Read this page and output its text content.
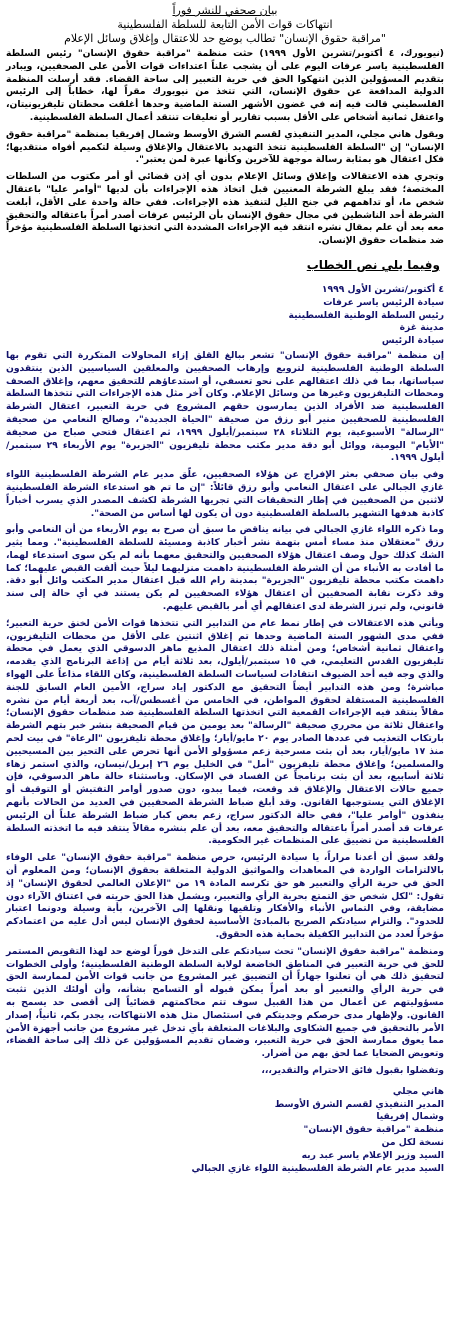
بيان صحفي للنشر فوراً
انتهاكات قوات الأمن التابعة للسلطة الفلسطينية
"مراقبة حقوق الإنسان" تطالب بوضع حد للاعتقال وإغلاق وسائل الإعلام

(نيويورك، ٤ أكتوبر/تشرين الأول ١٩٩٩) حثت منظمة "مراقبة حقوق الإنسان" رئيس السلطة الفلسطينية ياسر عرفات اليوم على أن يشجب علناً اعتداءات قوات الأمن على الصحفيين، ويبادر بتقديم المسؤولين الذين انتهكوا الحق في حرية التعبير إلى ساحة القضاء. فقد أرسلت المنظمة الدولية المدافعة عن حقوق الإنسان، التي تتخذ من نيويورك مقراً لها، خطاباً إلى الرئيس الفلسطيني قالت فيه إنه في غضون الأشهر الستة الماضية وحدها أغلقت محطتان تليفزيونيتان، واعتقل ثمانية أشخاص على الأقل بسبب تقارير أو تعليقات تنتقد أعمال السلطة الفلسطينية.

ويقول هاني مجلي، المدير التنفيذي لقسم الشرق الأوسط وشمال إفريقيا بمنظمة "مراقبة حقوق الإنسان" إن "السلطة الفلسطينية تتخذ التهديد بالاعتقال والإغلاق وسيلة لتكميم أفواه منتقديها؛ فكل اعتقال هو بمثابة رسالة موجهة للآخرين وكأنها عبرة لمن يعتبر".

وتجري هذه الاعتقالات وإغلاق وسائل الإعلام بدون أي إذن قضائي أو أمر مكتوب من السلطات المختصة؛ فقد يبلغ الشرطة المعنيين قبل اتخاذ هذه الإجراءات بأن لديها "أوامر عليا" باعتقال شخص ما، أو تداهمهم في جنح الليل لتنفيذ هذه الإجراءات. ففي حالة واحدة على الأقل، أبلغت الشرطة أحد الناشطين في مجال حقوق الإنسان بأن الرئيس عرفات أصدر أمراً باعتقاله والتحقيق معه بعد أن علم بمقال نشره انتقد فيه الإجراءات المشددة التي اتخذتها السلطة الفلسطينية مؤخراً ضد منظمات حقوق الإنسان.

وفيما يلي نص الخطاب
٤ أكتوبر/تشرين الأول ١٩٩٩
سيادة الرئيس ياسر عرفات
رئيس السلطة الوطنية الفلسطينية
مدينة غزة
سيادة الرئيس

إن منظمة "مراقبة حقوق الإنسان" تشعر ببالغ القلق إزاء المحاولات المتكررة التي تقوم بها السلطة الوطنية الفلسطينية لترويع وإرهاب الصحفيين والمعلقين السياسيين الذين ينتقدون سياساتها، بما في ذلك اعتقالهم على نحو تعسفي، أو استدعاؤهم للتحقيق معهم، وإغلاق الصحف ومحطات التليفزيون وغيرها من وسائل الإعلام. وكان آخر مثل هذه الإجراءات التي تتخذها السلطة الفلسطينية ضد الأفراد الذين يمارسون حقهم المشروع في حرية التعبير، اعتقال الشرطة الفلسطينية للصحفيين منير أبو رزق من صحيفة "الحياة الجديدة"، وصالح النعامي من صحيفة "الرسالة" الأسبوعية، يوم الثلاثاء ٢٨ سبتمبر/أيلول ١٩٩٩، ثم اعتقال فتحي صباح من صحيفة "الأيام" اليومية، ووائل أبو دقة مدير مكتب محطة تليفزيون "الجزيرة" يوم الأربعاء ٢٩ سبتمبر/أيلول ١٩٩٩.

وفي بيان صحفي بعثر الإفراج عن هؤلاء الصحفيين، علّق مدير عام الشرطة الفلسطينية اللواء غازي الجبالي على اعتقال النعامي وأبو رزق قائلاً: "إن ما تم هو استدعاء الشرطة الفلسطينية لاثنين من الصحفيين في إطار التحقيقات التي تجريها الشرطة لكشف المصدر الذي يسرب أخباراً كاذبة هدفها التشهير بالسلطة الفلسطينية دون أن يكون لها أساس من الصحة".

وما ذكره اللواء غازي الجبالي في بيانه يناقض ما سبق أن صرح به يوم الأربعاء من أن النعامي وأبو رزق "معتقلان منذ مساء أمس بتهمة نشر أخبار كاذبة ومسيئة للسلطة الفلسطينية". ومما يثير الشك كذلك حول وصف اعتقال هؤلاء الصحفيين والتحقيق معهما بأنه لم يكن سوى استدعاء لهما، ما أفادت به الأنباء من أن الشرطة الفلسطينية داهمت منزليهما ليلاً حيث ألقت القبض عليهما؛ كما داهمت مكتب محطة تليفزيون "الجزيرة" بمدينة رام الله قبل اعتقال مدير المكتب وائل أبو دقة. وقد ذكرت نقابة الصحفيين أن اعتقال هؤلاء الصحفيين لم يكن يستند في أي حالة إلى سند قانوني، ولم تبرز الشرطة لدى اعتقالهم أي أمر بالقبض عليهم.

ويأتي هذه الاعتقالات في إطار نمط عام من التدابير التي تتخذها قوات الأمن لخنق حرية التعبير؛ ففي مدى الشهور الستة الماضية وحدها تم إغلاق اثنتين على الأقل من محطات التليفزيون، واعتقال ثمانية أشخاص؛ ومن أمثلة ذلك اعتقال المذيع ماهر الدسوقي الذي يعمل في محطة تليفزيون القدس التعليمي، في ١٥ سبتمبر/أيلول، بعد ثلاثة أيام من إذاعة البرنامج الذي يقدمه، والذي وجه فيه أحد الضيوف انتقادات لسياسات السلطة الفلسطينية، وكان اللقاء مذاعاً على الهواء مباشرة؛ ومن هذه التدابير أيضاً التحقيق مع الدكتور إياد سراج، الأمين العام السابق للجنة الفلسطينية المستقلة لحقوق المواطن، في الخامس من أغسطس/آب، بعد أربعة أيام من نشره مقالاً ينتقد فيه الإجراءات القمعية التي اتخذتها السلطة الفلسطينية ضد منظمات حقوق الإنسان؛ واعتقال ثلاثة من محرري صحيفة "الرسالة" بعد يومين من قيام الصحيفة بنشر خبر بتهم الشرطة بارتكاب التعذيب في عددها الصادر يوم ٢٠ مايو/أيار؛ وإغلاق محطة تليفزيون "الرعاة" في بيت لحم منذ ١٧ مايو/أيار، بعد أن بثت مسرحية زعم مسؤولو الأمن أنها تحرض على التحيز بين المسيحيين والمسلمين؛ وإغلاق محطة تليفزيون "أمل" في الخليل يوم ٢٦ إبريل/نيسان، والذي استمر زهاء ثلاثة أسابيع، بعد أن بثت برنامجاً عن الفساد في الإسكان. وباستثناء حالة ماهر الدسوقي، فإن جميع حالات الاعتقال والإغلاق قد وقعت، فيما يبدو، دون صدور أوامر التفتيش أو التوقيف أو الإغلاق التي يستوجبها القانون. وقد أبلغ ضباط الشرطة الصحفيين في العديد من الحالات بأنهم ينفذون "أوامر عليا"، ففي حالة الدكتور سراج، زعم بعض كبار ضباط الشرطة علناً أن الرئيس عرفات قد أصدر أمراً باعتقاله والتحقيق معه، بعد أن علم بنشره مقالاً ينتقد فيه ما اتخذته السلطة الفلسطينية من تضييق على المنظمات غير الحكومية.

ولقد سبق أن أعدنا مراراً، يا سيادة الرئيس، حرص منظمة "مراقبة حقوق الإنسان" على الوفاء بالالتزامات الواردة في المعاهدات والمواثيق الدولية المتعلقة بحقوق الإنسان؛ ومن المعلوم أن الحق في حرية الرأي والتعبير هو حق تكرسه المادة ١٩ من "الإعلان العالمي لحقوق الإنسان" إذ تقول: "لكل شخص حق التمتع بحرية الرأي والتعبير، ويشمل هذا الحق حريته في اعتناق الآراء دون مضايقة، وفي التماس الأنباء والأفكار وتلقيها ونقلها إلى الآخرين، بأية وسيلة ودونما اعتبار للحدود". والتزام سيادتكم الصريح بالمبادئ الأساسية لحقوق الإنسان ليس أدل عليه من اعتمادكم مؤخراً لعدد من التدابير الكفيلة بحماية هذه الحقوق.

ومنظمة "مراقبة حقوق الإنسان" تحث سيادتكم على التدخل فوراً لوضع حد لهذا التقويض المستمر للحق في حرية التعبير في المناطق الخاضعة لولاية السلطة الوطنية الفلسطينية؛ وأولى الخطوات لتحقيق ذلك هي أن تعلنوا جهاراً أن التضييق غير المشروع من جانب قوات الأمن لممارسة الحق في حرية الرأي والتعبير أو بعد أمراً يمكن قبوله أو التسامح بشأنه، وأن أولئك الذين تثبت مسؤوليتهم عن أعمال من هذا القبيل سوف تتم محاكمتهم قضائياً إلى أقصى حد يسمح به القانون. ولإظهار مدى حرصكم وجديتكم في استئصال مثل هذه الانتهاكات، يجدر بكم، ثانياً، إصدار الأمر بالتحقيق في جميع الشكاوى والبلاغات المتعلقة بأي تدخل غير مشروع من جانب أجهزة الأمن مما يعوق ممارسة الحق في حرية التعبير، وضمان تقديم المسؤولين عن ذلك إلى ساحة القضاء، وتعويض الضحايا عما لحق بهم من أضرار.

وتفضلوا بقبول فائق الاحترام والتقدير،،،
هاني مجلي
المدير التنفيذي لقسم الشرق الأوسط
وشمال إفريقيا
منظمة "مراقبة حقوق الإنسان"
نسخة لكل من
السيد وزير الإعلام ياسر عبد ربه
السيد مدير عام الشرطة الفلسطينية اللواء غازي الجبالي
